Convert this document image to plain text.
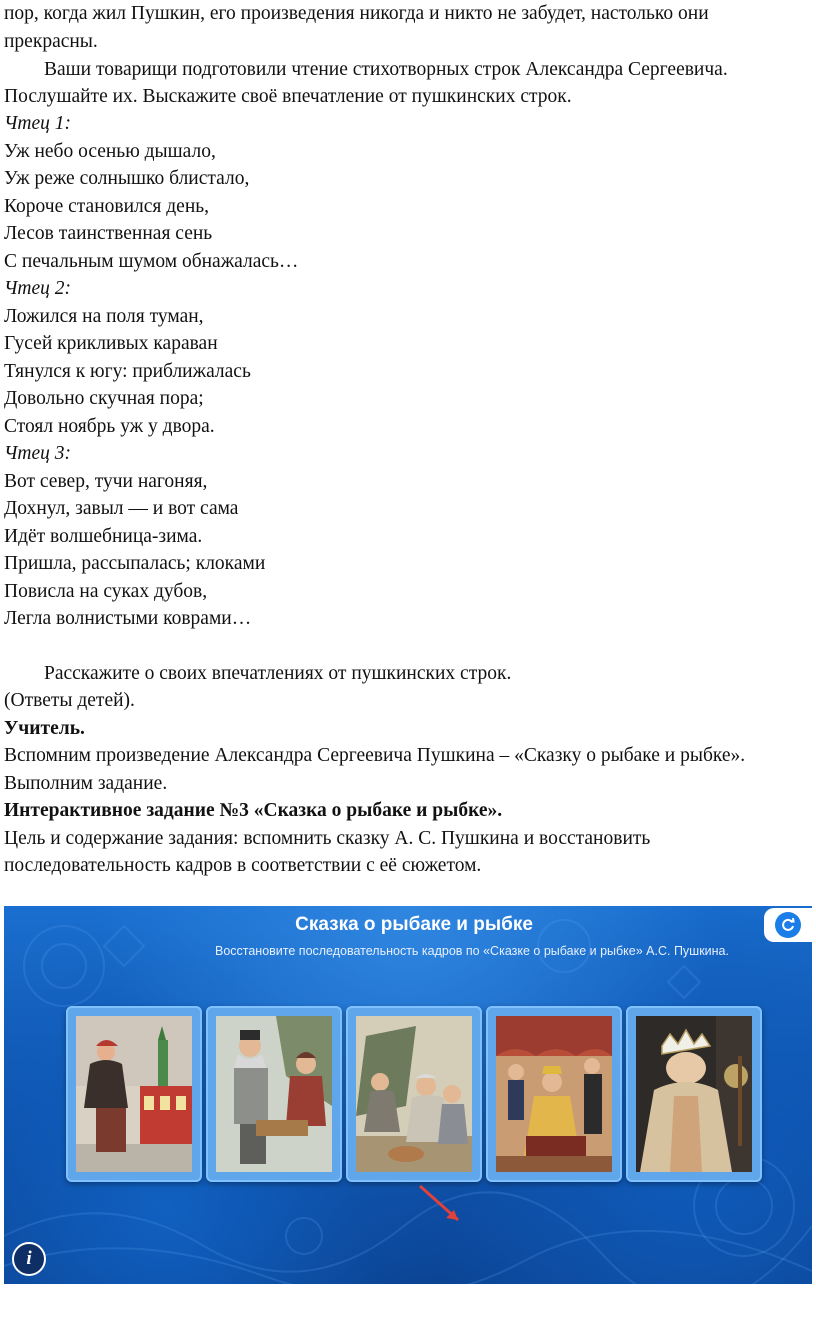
пор, когда жил Пушкин, его произведения никогда и никто не забудет, настолько они
прекрасны.
Ваши товарищи подготовили чтение стихотворных строк Александра Сергеевича.
Послушайте их. Выскажите своё впечатление от пушкинских строк.
Чтец 1:
Уж небо осенью дышало,
Уж реже солнышко блистало,
Короче становился день,
Лесов таинственная сень
С печальным шумом обнажалась…
Чтец 2:
Ложился на поля туман,
Гусей крикливых караван
Тянулся к югу: приближалась
Довольно скучная пора;
Стоял ноябрь уж у двора.
Чтец 3:
Вот север, тучи нагоняя,
Дохнул, завыл — и вот сама
Идёт волшебница-зима.
Пришла, рассыпалась; клоками
Повисла на суках дубов,
Легла волнистыми коврами…
Расскажите о своих впечатлениях от пушкинских строк.
(Ответы детей).
Учитель.
Вспомним произведение Александра Сергеевича Пушкина – «Сказку о рыбаке и рыбке».
Выполним задание.
Интерактивное задание №3 «Сказка о рыбаке и рыбке».
Цель и содержание задания: вспомнить сказку А. С. Пушкина и восстановить
последовательность кадров в соответствии с её сюжетом.
Сказка о рыбаке и рыбке
Восстановите последовательность кадров по «Сказке о рыбаке и рыбке» А.С. Пушкина.
i
